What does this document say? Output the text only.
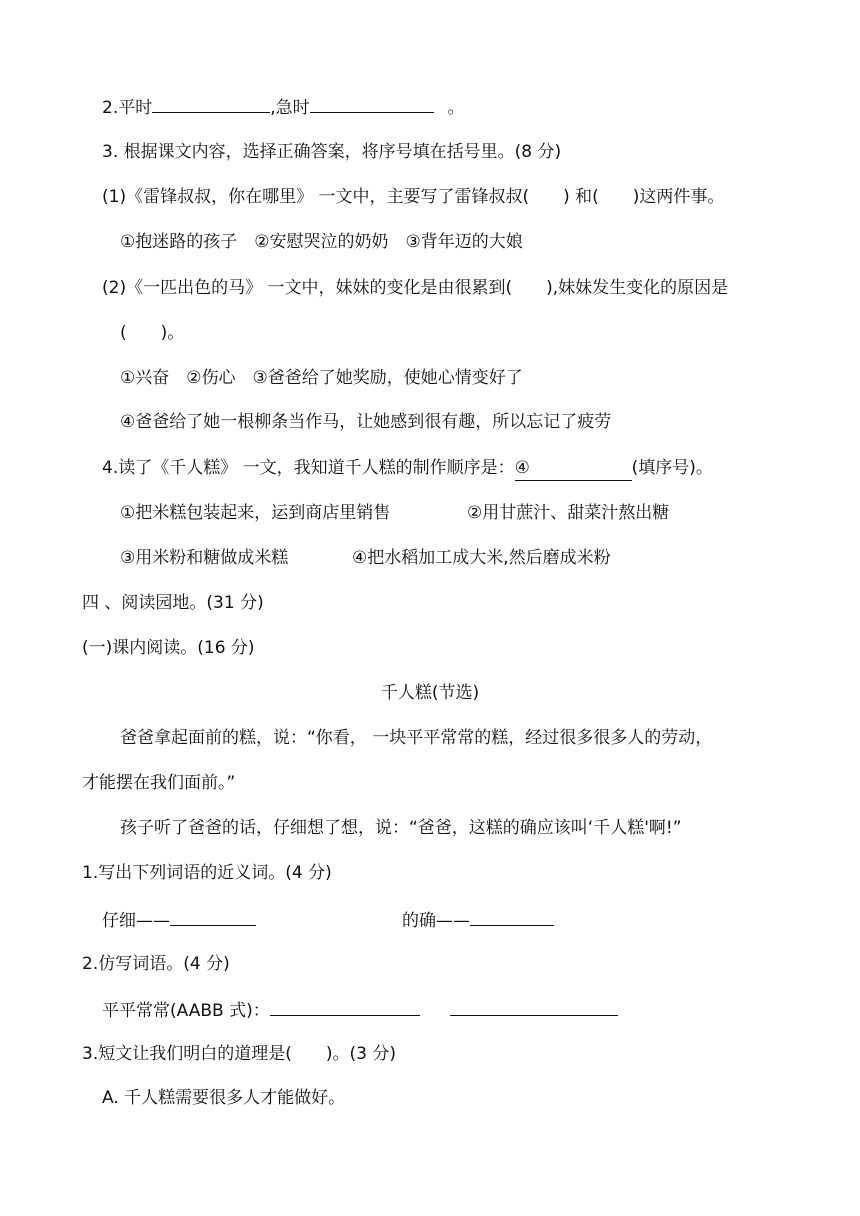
2.平时	,急时	。
3. 根据课文内容，选择正确答案，将序号填在括号里。(8 分)
(1)《雷锋叔叔，你在哪里》 一文中，主要写了雷锋叔叔(　　) 和(　　)这两件事。
①抱迷路的孩子　②安慰哭泣的奶奶　③背年迈的大娘
(2)《一匹出色的马》 一文中，妹妹的变化是由很累到(　　),妹妹发生变化的原因是
(　　)。
①兴奋　②伤心　③爸爸给了她奖励，使她心情变好了
④爸爸给了她一根柳条当作马，让她感到很有趣，所以忘记了疲劳
4.读了《千人糕》 一文，我知道千人糕的制作顺序是：④	(填序号)。
①把米糕包装起来，运到商店里销售	②用甘蔗汁、甜菜汁熬出糖
③用米粉和糖做成米糕	④把水稻加工成大米,然后磨成米粉
四 、阅读园地。(31 分)
(一)课内阅读。(16 分)
千人糕(节选)
爸爸拿起面前的糕，说：“你看， 一块平平常常的糕，经过很多很多人的劳动，
才能摆在我们面前。”
孩子听了爸爸的话，仔细想了想，说：“爸爸，这糕的确应该叫‘千人糕'啊!”
1.写出下列词语的近义词。(4 分)
仔细——	的确——
2.仿写词语。(4 分)
平平常常(AABB 式)：
3.短文让我们明白的道理是(　　)。(3 分)
A. 千人糕需要很多人才能做好。
